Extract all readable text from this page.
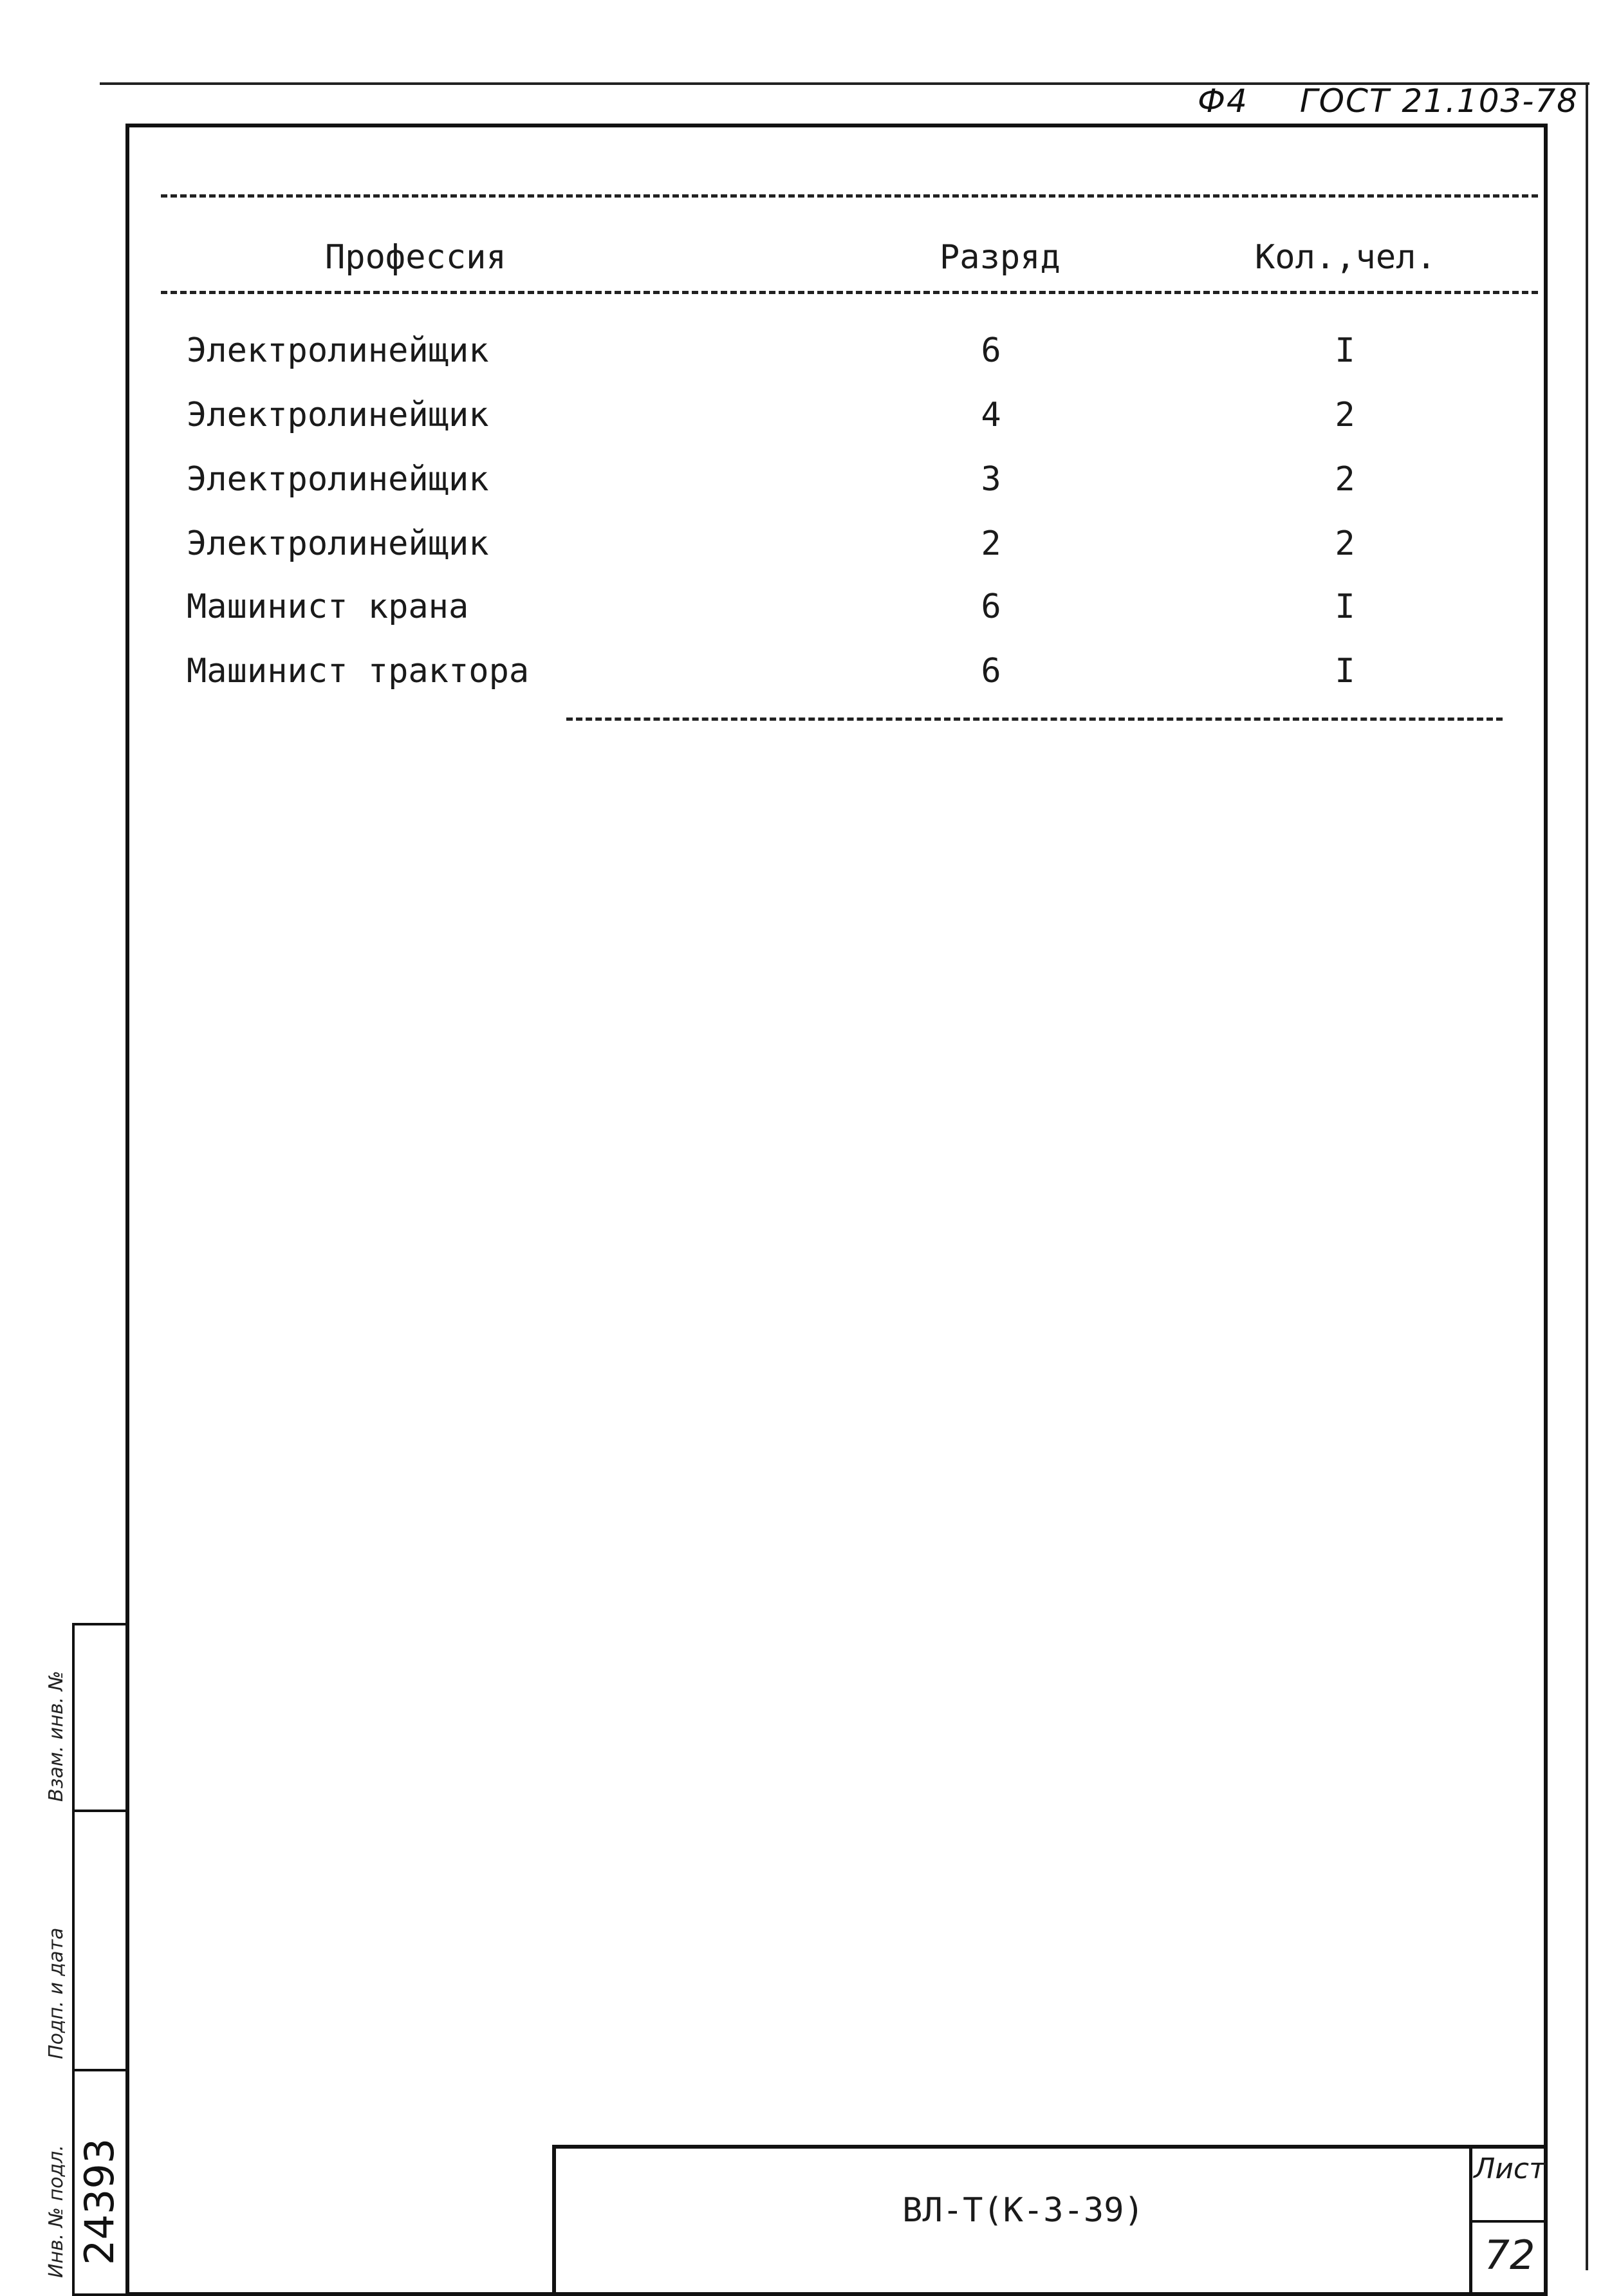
Ф4 ГОСТ 21.103-78
Профессия	Разряд	Кол.,чел.
Электролинейщик	6	I
Электролинейщик	4	2
Электролинейщик	3	2
Электролинейщик	2	2
Машинист крана	6	I
Машинист трактора	6	I
Инв. № подл.
Подп. и дата
Взам. инв. №
24393	ВЛ-Т(К-3-39)
Лист
72
